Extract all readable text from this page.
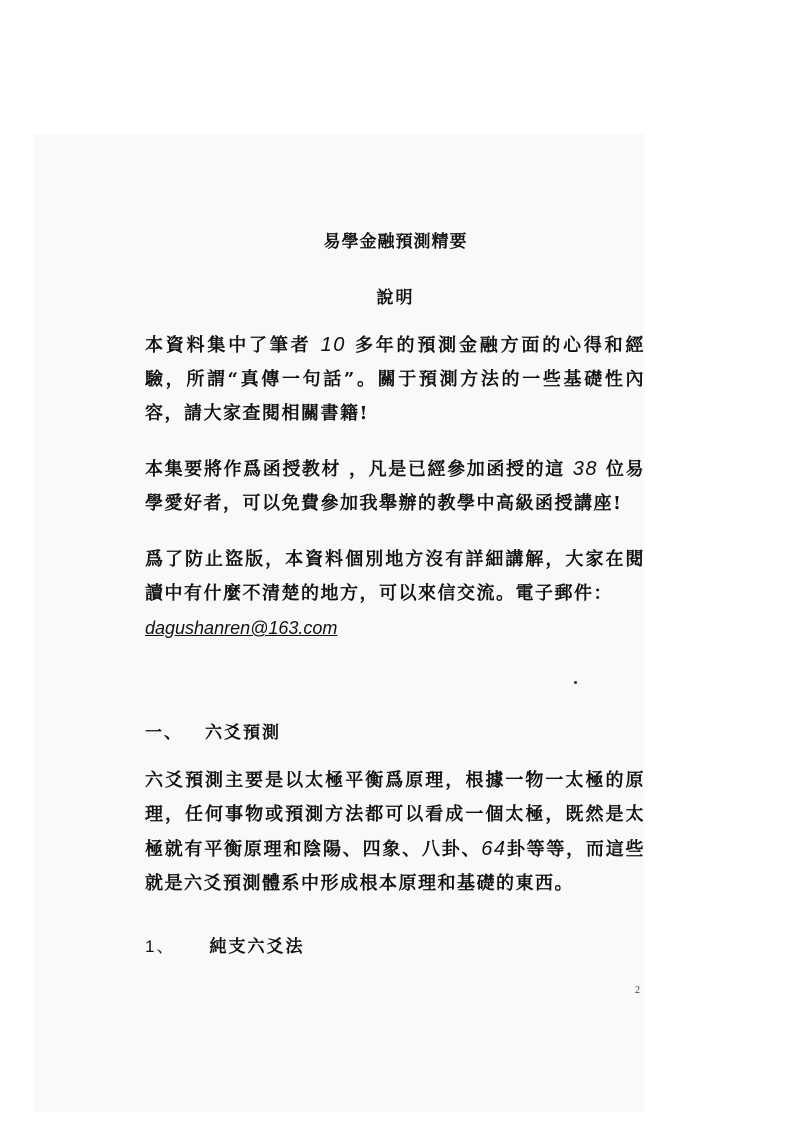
易學金融預測精要
說明

本資料集中了筆者 10 多年的預測金融方面的心得和經驗，所謂“真傳一句話”。關于預測方法的一些基礎性內容，請大家查閱相關書籍!

本集要將作爲函授教材 ，凡是已經參加函授的這 38 位易學愛好者，可以免費參加我舉辦的教學中高級函授講座!

爲了防止盜版，本資料個別地方沒有詳細講解，大家在閱讀中有什麼不清楚的地方，可以來信交流。電子郵件：
dagushanren@163.com

一、 六爻預測

六爻預測主要是以太極平衡爲原理，根據一物一太極的原理，任何事物或預測方法都可以看成一個太極，既然是太極就有平衡原理和陰陽、四象、八卦、64卦等等，而這些就是六爻預測體系中形成根本原理和基礎的東西。

1、 純支六爻法
2
